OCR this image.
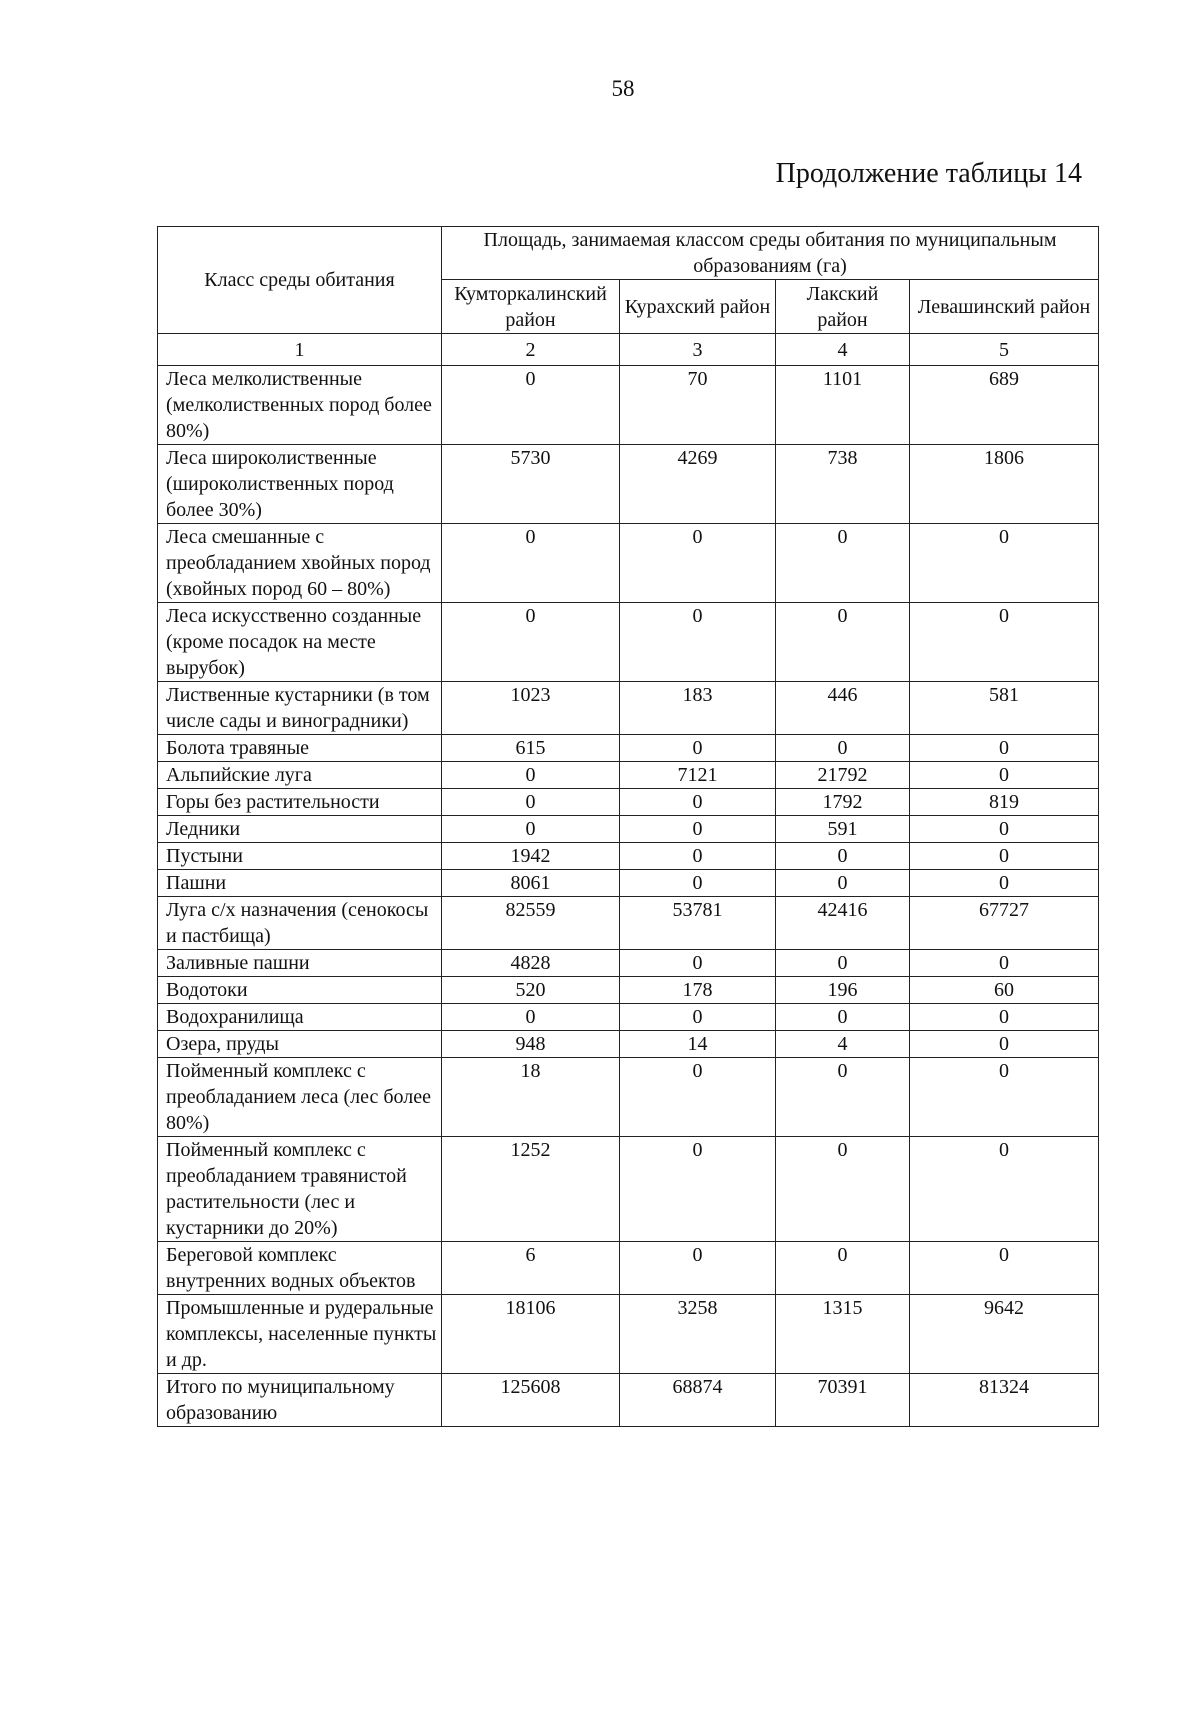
58
Продолжение таблицы 14
Класс среды обитания	Площадь, занимаемая классом среды обитания по муниципальным образованиям (га)			
	Кумторкалинский район	Курахский район	Лакский район	Левашинский район
1	2	3	4	5
Леса мелколиственные (мелколиственных пород более 80%)	0	70	1101	689
Леса широколиственные (широколиственных пород более 30%)	5730	4269	738	1806
Леса смешанные с преобладанием хвойных пород (хвойных пород 60 – 80%)	0	0	0	0
Леса искусственно созданные (кроме посадок на месте вырубок)	0	0	0	0
Лиственные кустарники (в том числе сады и виноградники)	1023	183	446	581
Болота травяные	615	0	0	0
Альпийские луга	0	7121	21792	0
Горы без растительности	0	0	1792	819
Ледники	0	0	591	0
Пустыни	1942	0	0	0
Пашни	8061	0	0	0
Луга с/х назначения (сенокосы и пастбища)	82559	53781	42416	67727
Заливные пашни	4828	0	0	0
Водотоки	520	178	196	60
Водохранилища	0	0	0	0
Озера, пруды	948	14	4	0
Пойменный комплекс с преобладанием леса (лес более 80%)	18	0	0	0
Пойменный комплекс с преобладанием травянистой растительности (лес и кустарники до 20%)	1252	0	0	0
Береговой комплекс внутренних водных объектов	6	0	0	0
Промышленные и рудеральные комплексы, населенные пункты и др.	18106	3258	1315	9642
Итого по муниципальному образованию	125608	68874	70391	81324
